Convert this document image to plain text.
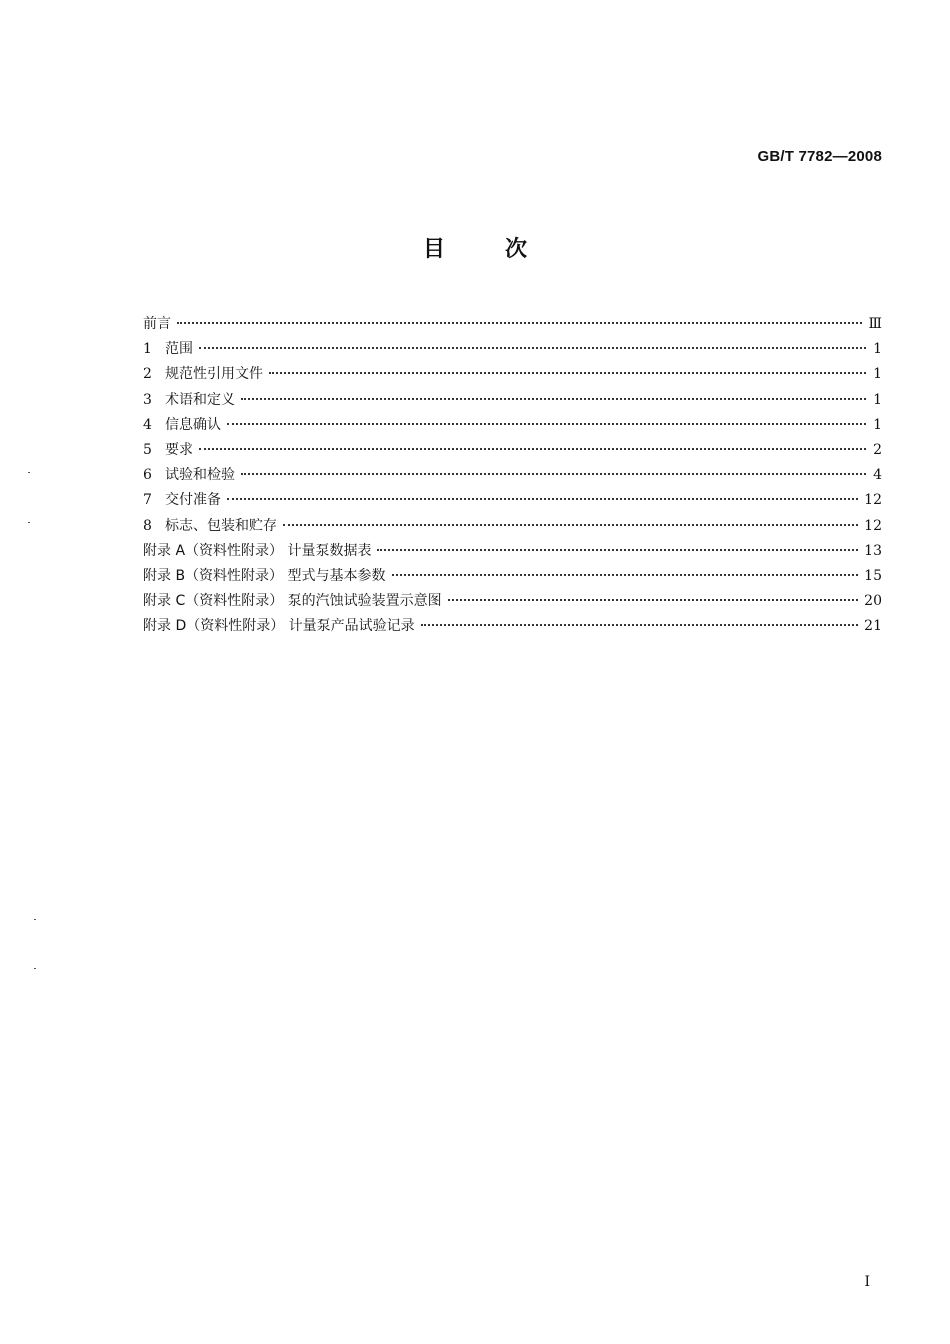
GB/T 7782—2008
目	次
前言	Ⅲ
1 范围	1
2 规范性引用文件	1
3 术语和定义	1
4 信息确认	1
5 要求	2
6 试验和检验	4
7 交付准备	12
8 标志、包装和贮存	12
附录 A（资料性附录） 计量泵数据表	13
附录 B（资料性附录） 型式与基本参数	15
附录 C（资料性附录） 泵的汽蚀试验装置示意图	20
附录 D（资料性附录） 计量泵产品试验记录	21
I
